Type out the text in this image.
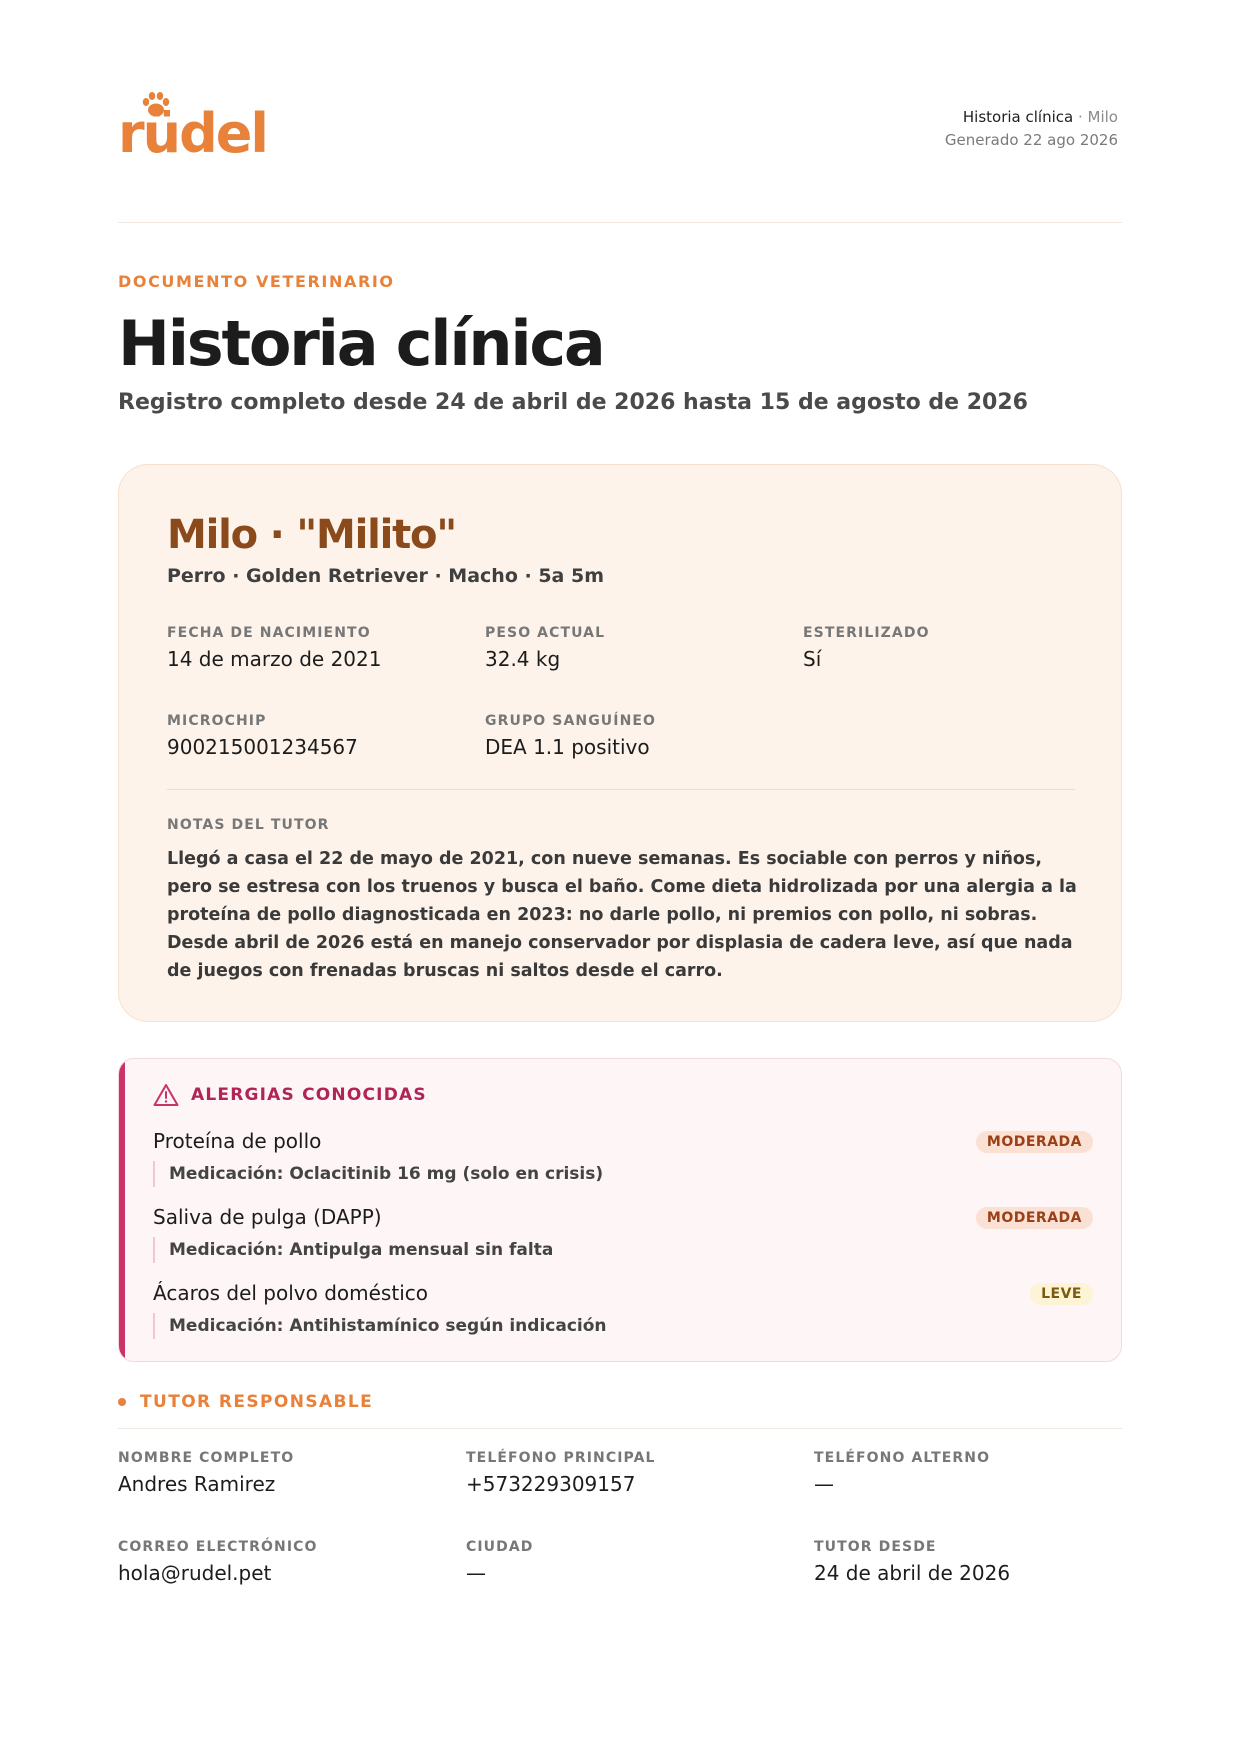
rüdel	Historia clínica · Milo
Generado 22 ago 2026
DOCUMENTO VETERINARIO
Historia clínica
Registro completo desde 24 de abril de 2026 hasta 15 de agosto de 2026
Milo · "Milito"
Perro · Golden Retriever · Macho · 5a 5m
FECHA DE NACIMIENTO
14 de marzo de 2021
PESO ACTUAL
32.4 kg
ESTERILIZADO
Sí
MICROCHIP
900215001234567
GRUPO SANGUÍNEO
DEA 1.1 positivo
NOTAS DEL TUTOR
Llegó a casa el 22 de mayo de 2021, con nueve semanas. Es sociable con perros y niños, pero se estresa con los truenos y busca el baño. Come dieta hidrolizada por una alergia a la proteína de pollo diagnosticada en 2023: no darle pollo, ni premios con pollo, ni sobras. Desde abril de 2026 está en manejo conservador por displasia de cadera leve, así que nada de juegos con frenadas bruscas ni saltos desde el carro.
ALERGIAS CONOCIDAS
Proteína de pollo
Medicación: Oclacitinib 16 mg (solo en crisis)
MODERADA
Saliva de pulga (DAPP)
Medicación: Antipulga mensual sin falta
MODERADA
Ácaros del polvo doméstico
Medicación: Antihistamínico según indicación
LEVE
TUTOR RESPONSABLE
NOMBRE COMPLETO
Andres Ramirez
TELÉFONO PRINCIPAL
+573229309157
TELÉFONO ALTERNO
—
CORREO ELECTRÓNICO
hola@rudel.pet
CIUDAD
—
TUTOR DESDE
24 de abril de 2026
